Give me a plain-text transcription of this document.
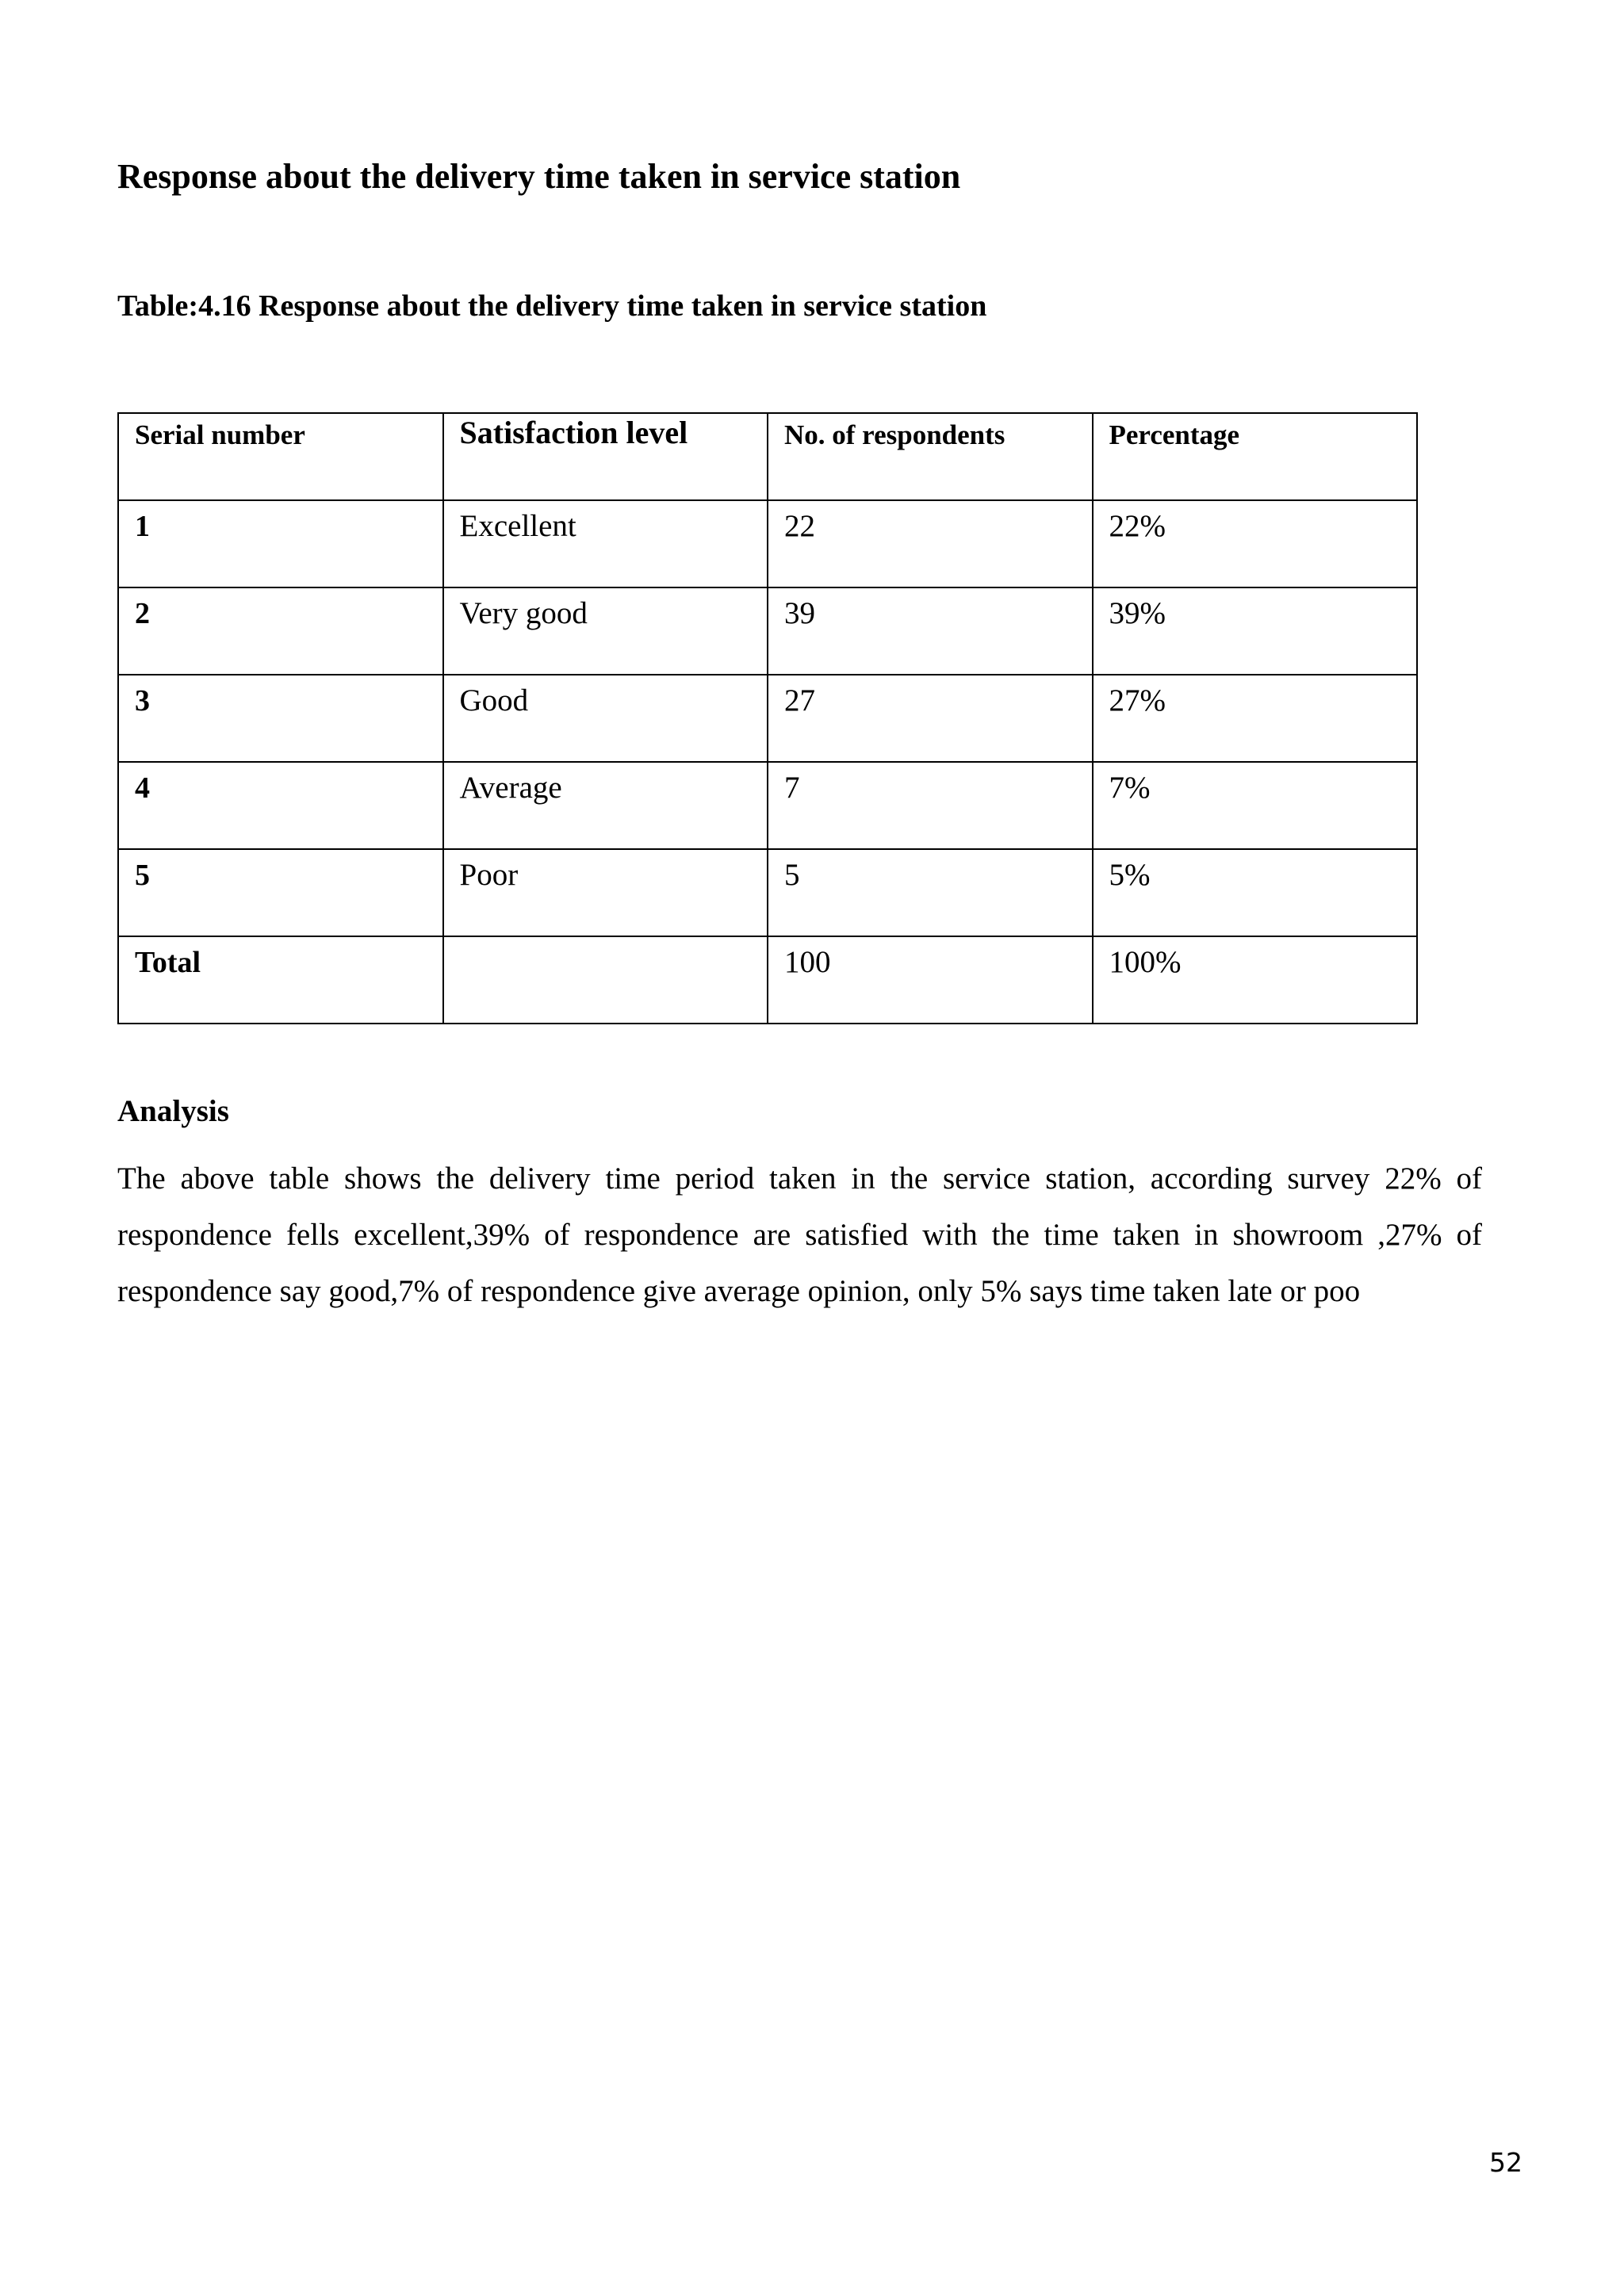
Response about the delivery time taken in service station
Table:4.16 Response about the delivery time taken in service station
Serial number	Satisfaction level	No. of respondents	Percentage
1	Excellent	22	22%
2	Very good	39	39%
3	Good	27	27%
4	Average	7	7%
5	Poor	5	5%
Total		100	100%
Analysis

The above table shows the delivery time period taken in the service station, according survey 22% of
respondence fells excellent,39% of respondence are satisfied with the time taken in showroom ,27% of
respondence say good,7% of respondence give average opinion, only 5% says time taken late or poo

52
